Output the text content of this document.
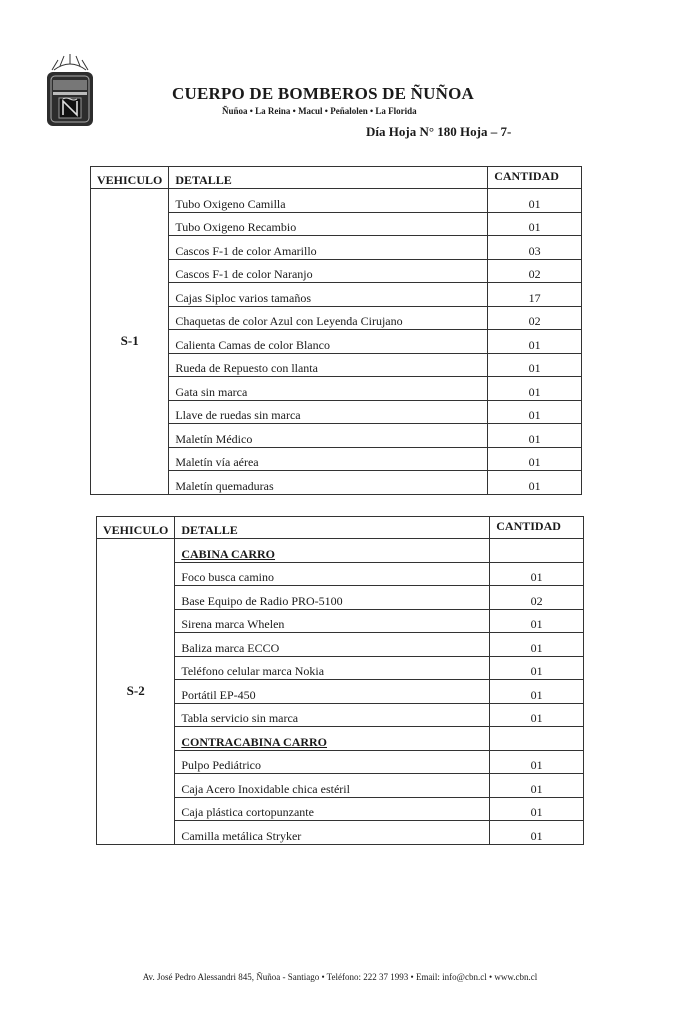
CUERPO DE BOMBEROS DE ÑUÑOA
Ñuñoa • La Reina • Macul • Peñalolen • La Florida
Día Hoja N° 180 Hoja – 7-
VEHICULO	DETALLE	CANTIDAD
S-1	Tubo Oxigeno Camilla	01
	Tubo Oxigeno Recambio	01
	Cascos F-1 de color Amarillo	03
	Cascos F-1 de color Naranjo	02
	Cajas Siploc varios tamaños	17
	Chaquetas de color Azul con Leyenda Cirujano	02
	Calienta Camas de color Blanco	01
	Rueda de Repuesto con llanta	01
	Gata sin marca	01
	Llave de ruedas sin marca	01
	Maletín Médico	01
	Maletín vía aérea	01
	Maletín quemaduras	01
VEHICULO	DETALLE	CANTIDAD
S-2	CABINA CARRO	
	Foco busca camino	01
	Base Equipo de Radio PRO-5100	02
	Sirena marca Whelen	01
	Baliza marca ECCO	01
	Teléfono celular marca Nokia	01
	Portátil EP-450	01
	Tabla servicio sin marca	01
	CONTRACABINA CARRO	
	Pulpo Pediátrico	01
	Caja Acero Inoxidable chica estéril	01
	Caja plástica cortopunzante	01
	Camilla metálica Stryker	01
Av. José Pedro Alessandri 845, Ñuñoa - Santiago • Teléfono: 222 37 1993 • Email: info@cbn.cl • www.cbn.cl
